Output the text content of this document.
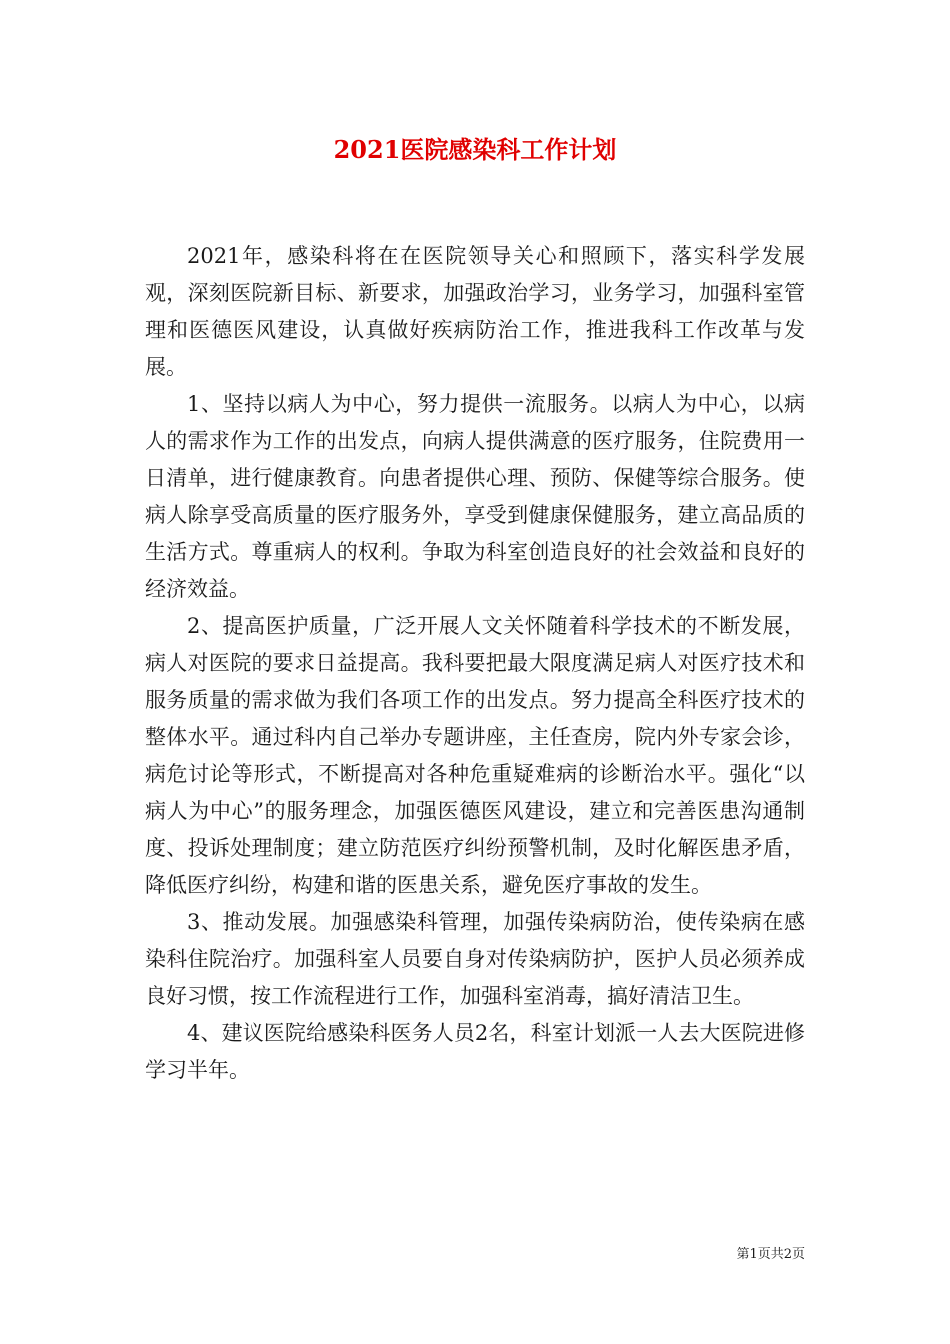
2021医院感染科工作计划

2021年，感染科将在在医院领导关心和照顾下，落实科学发展观，深刻医院新目标、新要求，加强政治学习，业务学习，加强科室管理和医德医风建设，认真做好疾病防治工作，推进我科工作改革与发展。

1、坚持以病人为中心，努力提供一流服务。以病人为中心，以病人的需求作为工作的出发点，向病人提供满意的医疗服务，住院费用一日清单，进行健康教育。向患者提供心理、预防、保健等综合服务。使病人除享受高质量的医疗服务外，享受到健康保健服务，建立高品质的生活方式。尊重病人的权利。争取为科室创造良好的社会效益和良好的经济效益。

2、提高医护质量，广泛开展人文关怀随着科学技术的不断发展，病人对医院的要求日益提高。我科要把最大限度满足病人对医疗技术和服务质量的需求做为我们各项工作的出发点。努力提高全科医疗技术的整体水平。通过科内自己举办专题讲座，主任查房，院内外专家会诊，病危讨论等形式，不断提高对各种危重疑难病的诊断治水平。强化“以病人为中心”的服务理念，加强医德医风建设，建立和完善医患沟通制度、投诉处理制度；建立防范医疗纠纷预警机制，及时化解医患矛盾，降低医疗纠纷，构建和谐的医患关系，避免医疗事故的发生。

3、推动发展。加强感染科管理，加强传染病防治，使传染病在感染科住院治疗。加强科室人员要自身对传染病防护，医护人员必须养成良好习惯，按工作流程进行工作，加强科室消毒，搞好清洁卫生。

4、建议医院给感染科医务人员2名，科室计划派一人去大医院进修学习半年。

第1页共2页
